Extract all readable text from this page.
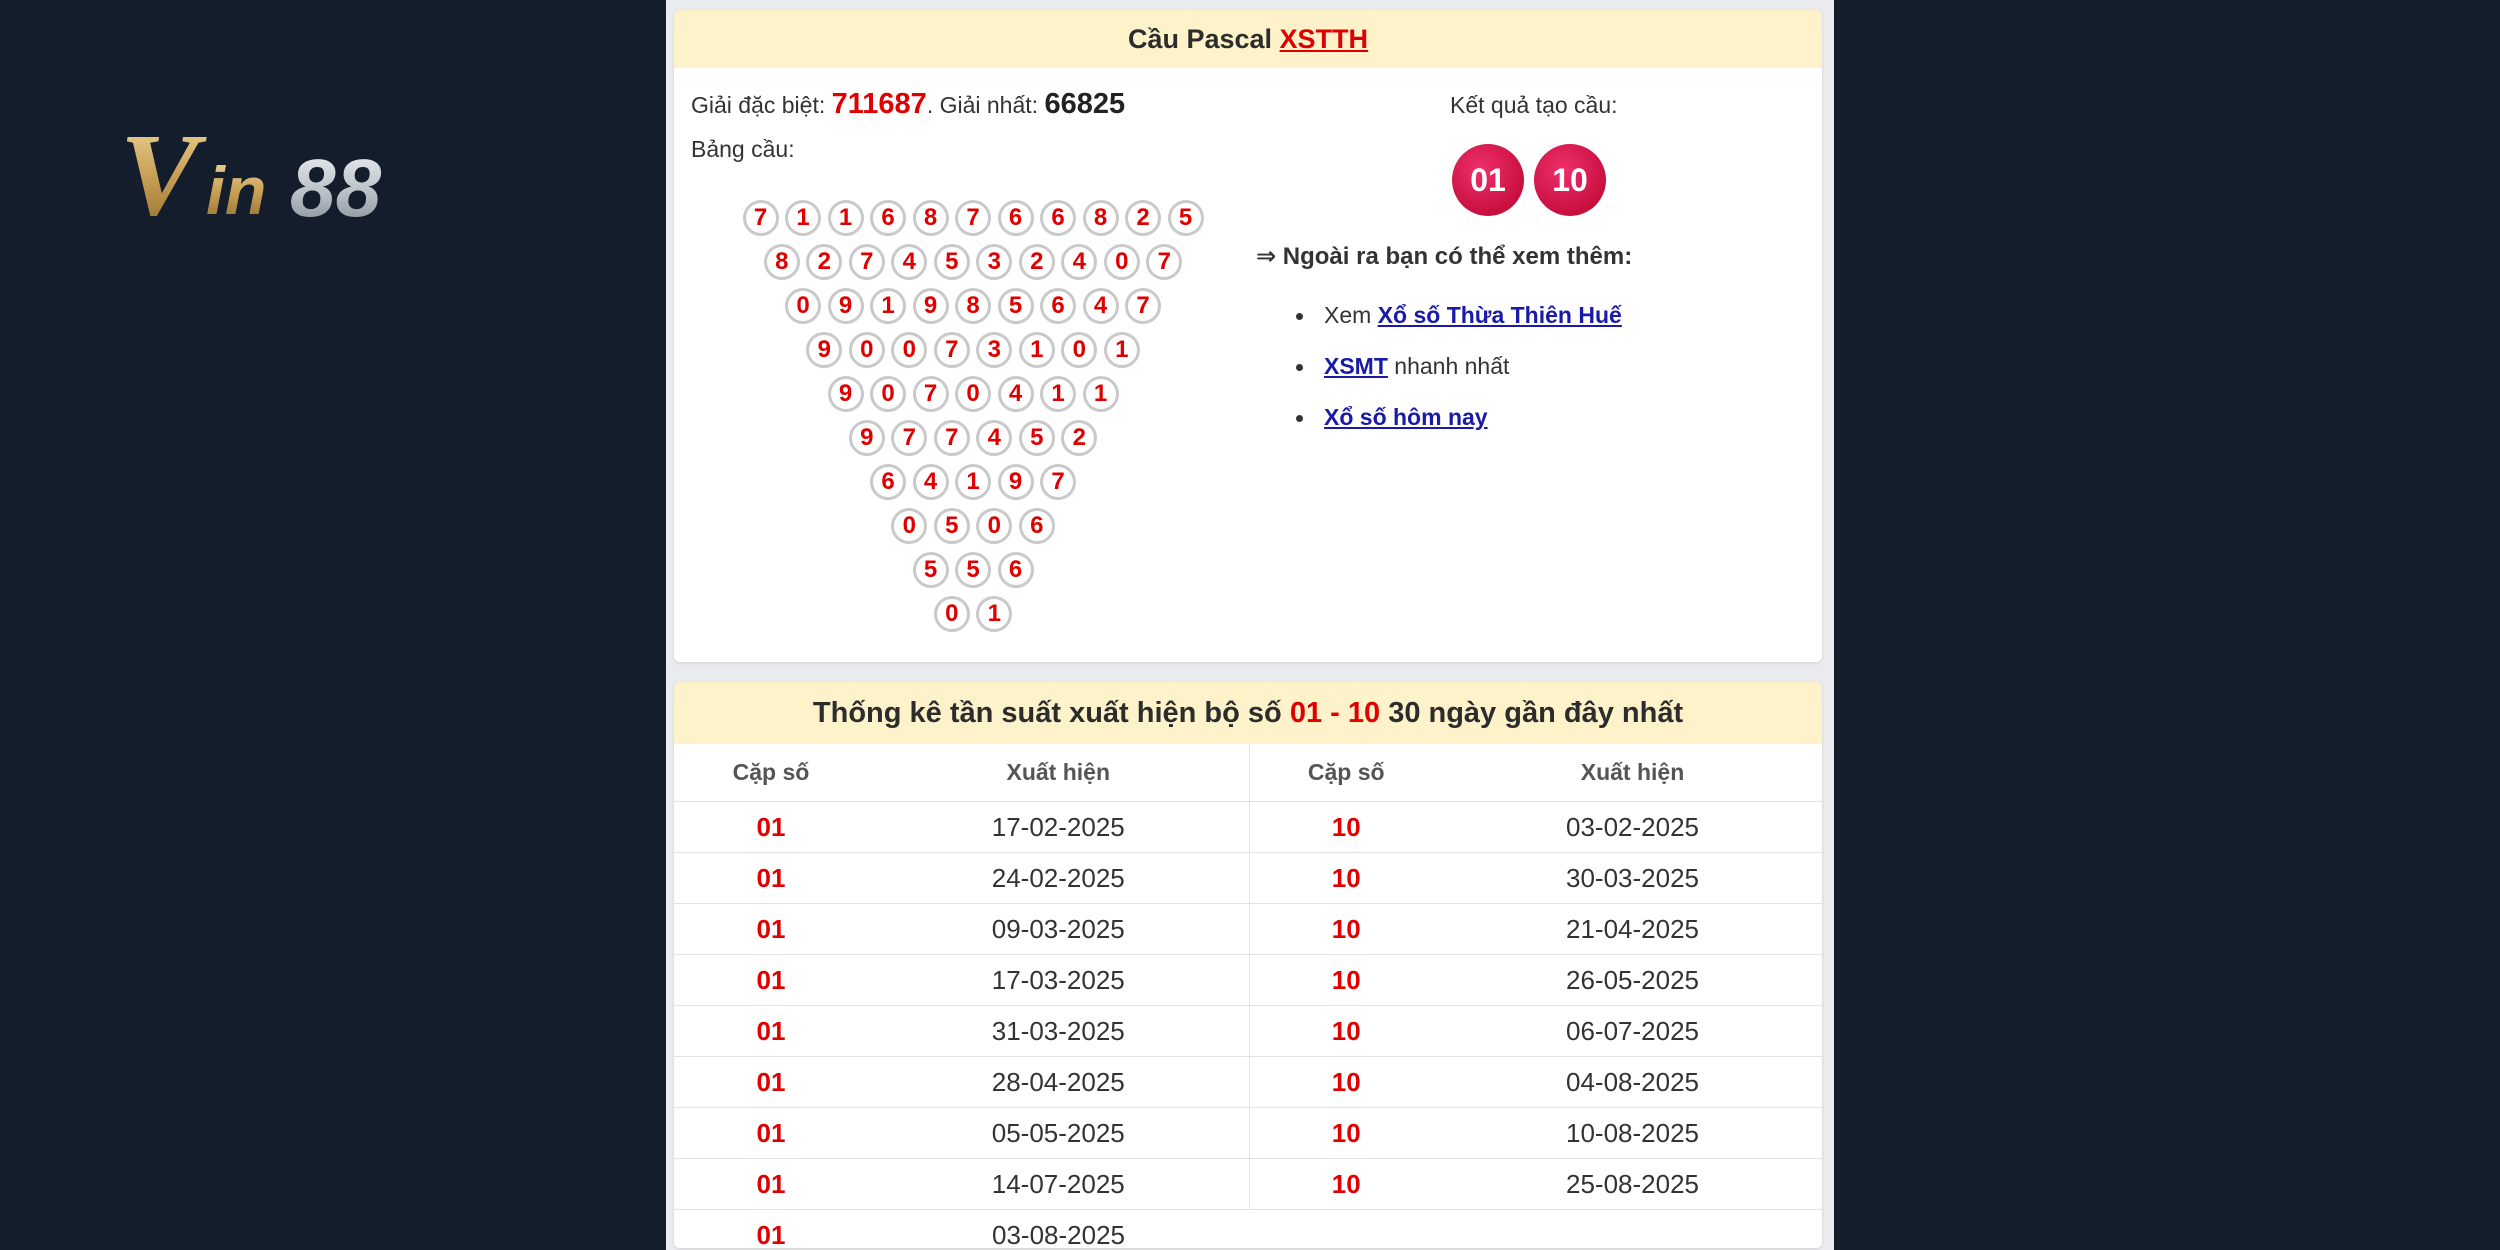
V in 88
Cầu Pascal
XSTTH
Giải đặc biệt: 711687. Giải nhất: 66825
Bảng cầu:
7	1	1	6	8	7	6	6	8	2	5
8	2	7	4	5	3	2	4	0	7
0	9	1	9	8	5	6	4	7
9	0	0	7	3	1	0	1
9	0	7	0	4	1	1
9	7	7	4	5	2
6	4	1	9	7
0	5	0	6
5	5	6
0	1
Kết quả tạo cầu:
01	10
⇒ Ngoài ra bạn có thể xem thêm:
Xem Xổ số Thừa Thiên Huế
XSMT nhanh nhất
Xổ số hôm nay
Thống kê tần suất xuất hiện bộ số
01 - 10
30 ngày gần đây nhất
Cặp số	Xuất hiện	Cặp số	Xuất hiện
01	17-02-2025	10	03-02-2025
01	24-02-2025	10	30-03-2025
01	09-03-2025	10	21-04-2025
01	17-03-2025	10	26-05-2025
01	31-03-2025	10	06-07-2025
01	28-04-2025	10	04-08-2025
01	05-05-2025	10	10-08-2025
01	14-07-2025	10	25-08-2025
01	03-08-2025		
